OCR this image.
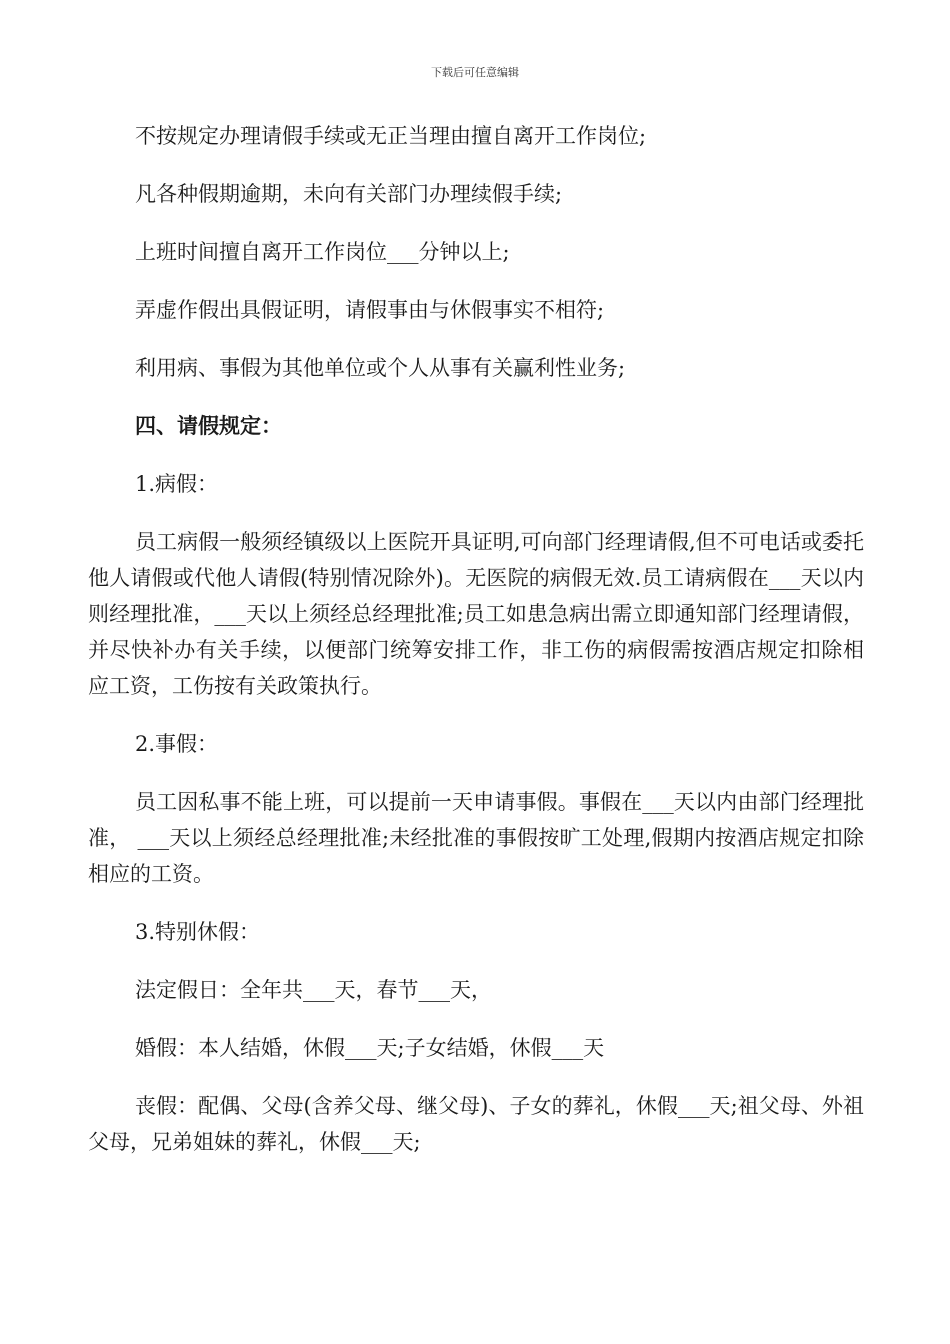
下载后可任意编辑

不按规定办理请假手续或无正当理由擅自离开工作岗位;

凡各种假期逾期，未向有关部门办理续假手续;

上班时间擅自离开工作岗位___分钟以上;

弄虚作假出具假证明，请假事由与休假事实不相符;

利用病、事假为其他单位或个人从事有关赢利性业务;

四、请假规定：

1.病假：

员工病假一般须经镇级以上医院开具证明,可向部门经理请假,但不可电话或委托他人请假或代他人请假(特别情况除外)。无医院的病假无效.员工请病假在___天以内则经理批准，___天以上须经总经理批准;员工如患急病出需立即通知部门经理请假，并尽快补办有关手续，以便部门统筹安排工作，非工伤的病假需按酒店规定扣除相应工资，工伤按有关政策执行。

2.事假：

员工因私事不能上班，可以提前一天申请事假。事假在___天以内由部门经理批准， ___天以上须经总经理批准;未经批准的事假按旷工处理,假期内按酒店规定扣除相应的工资。

3.特别休假：

法定假日：全年共___天，春节___天，

婚假：本人结婚，休假___天;子女结婚，休假___天

丧假：配偶、父母(含养父母、继父母)、子女的葬礼，休假___天;祖父母、外祖父母，兄弟姐妹的葬礼，休假___天;
